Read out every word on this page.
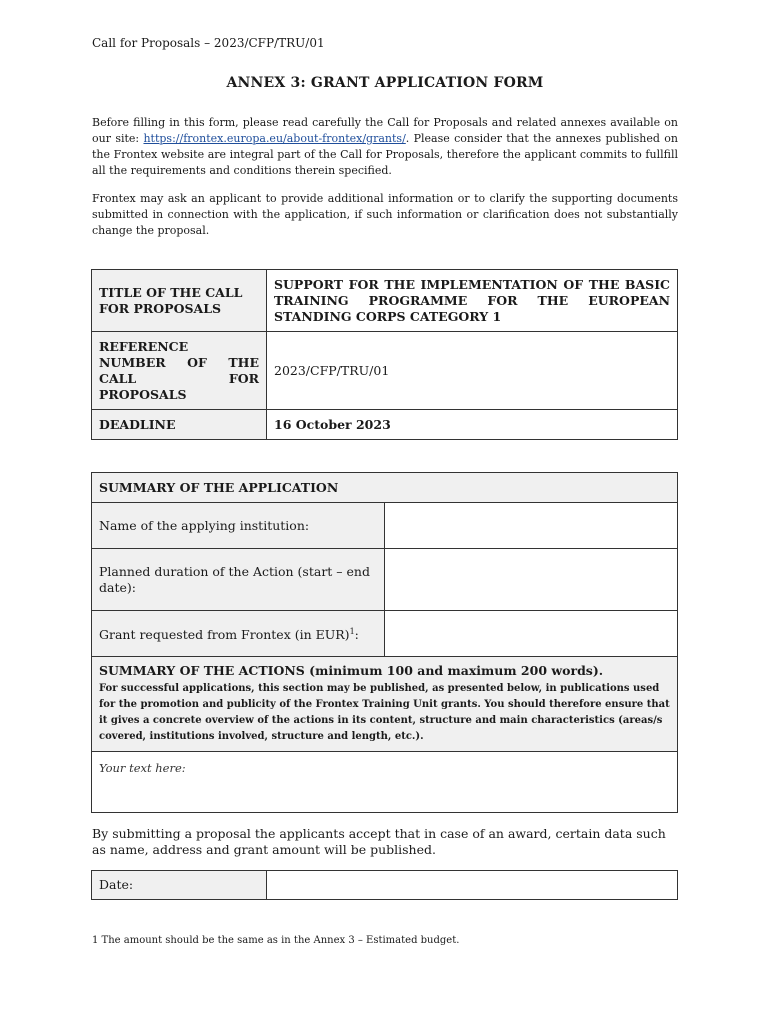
Call for Proposals – 2023/CFP/TRU/01
ANNEX 3: GRANT APPLICATION FORM
Before filling in this form, please read carefully the Call for Proposals and related annexes available on our site: https://frontex.europa.eu/about-frontex/grants/. Please consider that the annexes published on the Frontex website are integral part of the Call for Proposals, therefore the applicant commits to fullfill all the requirements and conditions therein specified.
Frontex may ask an applicant to provide additional information or to clarify the supporting documents submitted in connection with the application, if such information or clarification does not substantially change the proposal.
TITLE OF THE CALL FOR PROPOSALS	SUPPORT FOR THE IMPLEMENTATION OF THE BASIC TRAINING PROGRAMME FOR THE EUROPEAN STANDING CORPS CATEGORY 1
REFERENCE NUMBER OF THE CALL FOR PROPOSALS	2023/CFP/TRU/01
DEADLINE	16 October 2023
SUMMARY OF THE APPLICATION	
Name of the applying institution:	
Planned duration of the Action (start – end date):	
Grant requested from Frontex (in EUR)$^1$:	
SUMMARY OF THE ACTIONS (minimum 100 and maximum 200 words).
For successful applications, this section may be published, as presented below, in publications used for the promotion and publicity of the Frontex Training Unit grants. You should therefore ensure that it gives a concrete overview of the actions in its content, structure and main characteristics (areas/s covered, institutions involved, structure and length, etc.).	

Your text here:	
By submitting a proposal the applicants accept that in case of an award, certain data such as name, address and grant amount will be published.
Date:	
1 The amount should be the same as in the Annex 3 – Estimated budget.
